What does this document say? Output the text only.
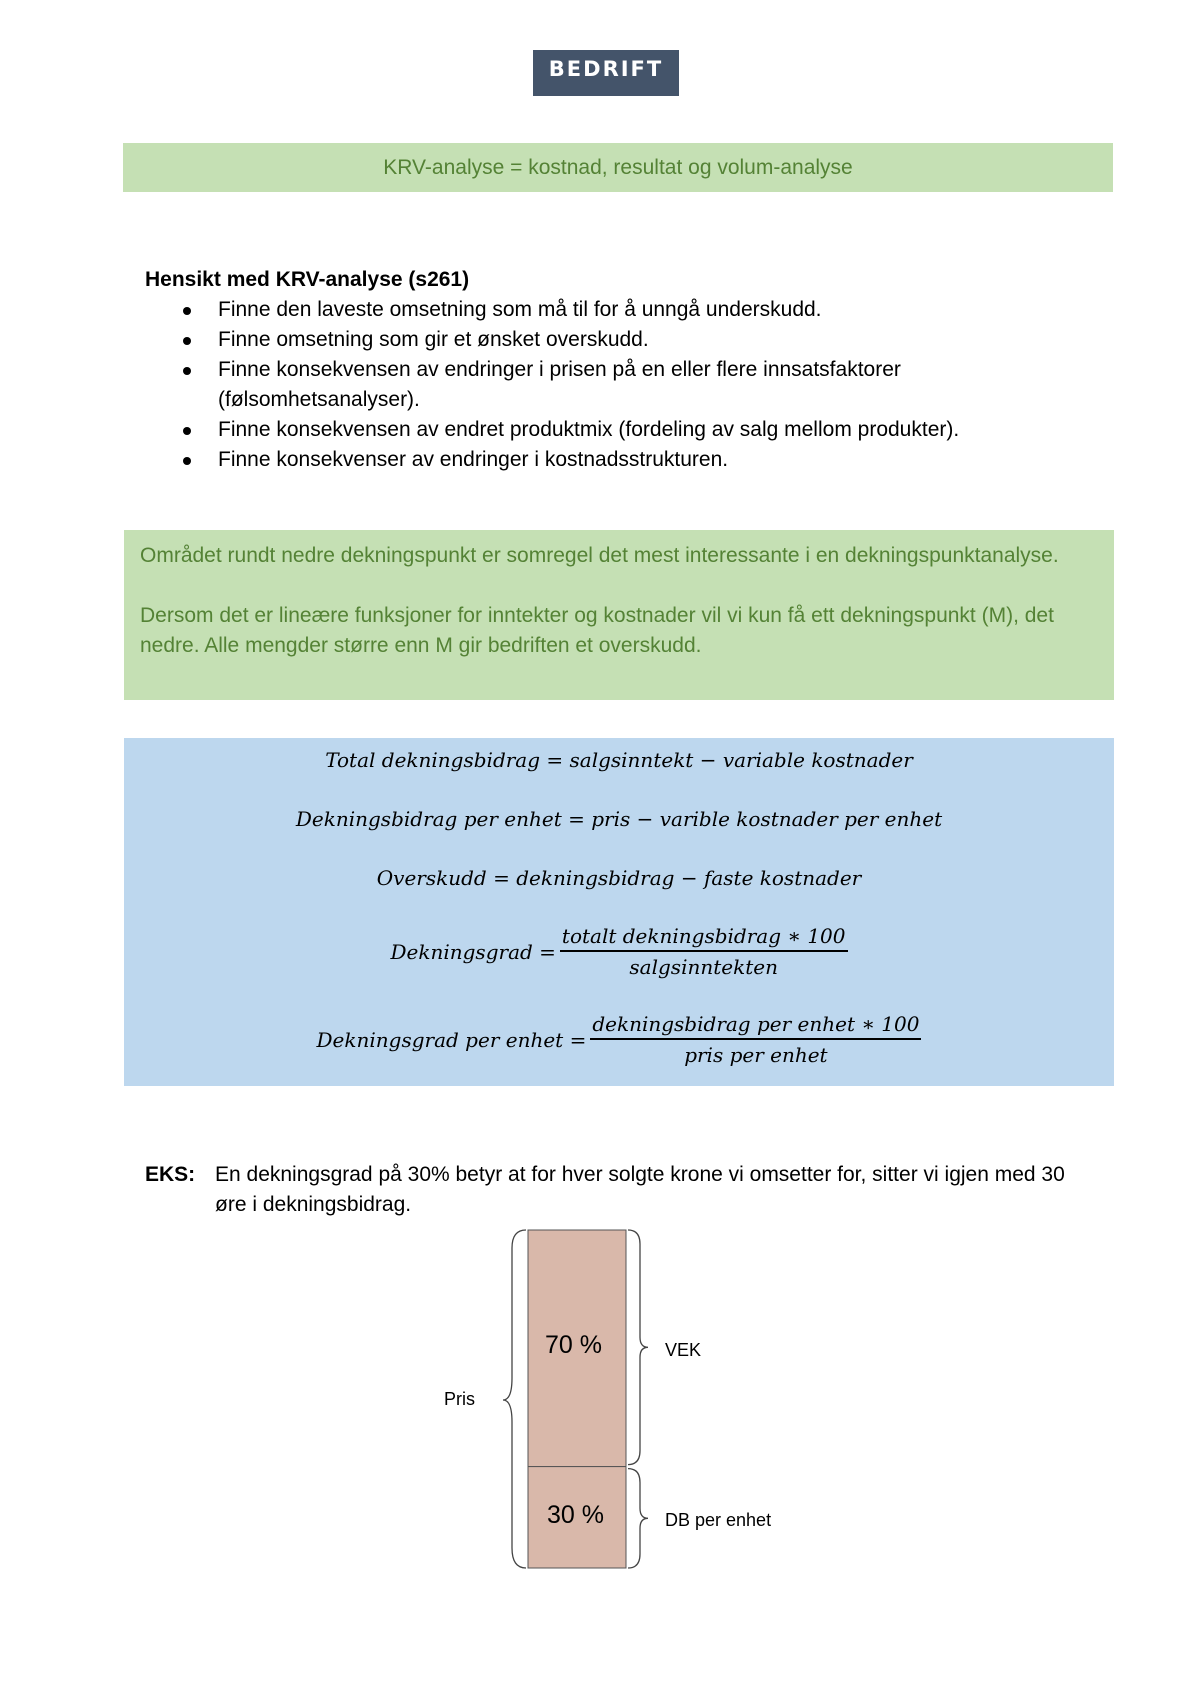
BEDRIFT
KRV-analyse = kostnad, resultat og volum-analyse
Hensikt med KRV-analyse (s261)
Finne den laveste omsetning som må til for å unngå underskudd.
Finne omsetning som gir et ønsket overskudd.
Finne konsekvensen av endringer i prisen på en eller flere innsatsfaktorer (følsomhetsanalyser).
Finne konsekvensen av endret produktmix (fordeling av salg mellom produkter).
Finne konsekvenser av endringer i kostnadsstrukturen.

Området rundt nedre dekningspunkt er somregel det mest interessante i en dekningspunktanalyse.

Dersom det er lineære funksjoner for inntekter og kostnader vil vi kun få ett dekningspunkt (M), det nedre. Alle mengder større enn M gir bedriften et overskudd.

Total dekningsbidrag = salgsinntekt − variable kostnader
Dekningsbidrag per enhet = pris − varible kostnader per enhet
Overskudd = dekningsbidrag − faste kostnader
Dekningsgrad = $\frac{\text{totalt dekningsbidrag ∗ 100}}{\text{salgsinntekten}}$
Dekningsgrad per enhet = $\frac{\text{dekningsbidrag per enhet ∗ 100}}{\text{pris per enhet}}$
EKS: En dekningsgrad på 30% betyr at for hver solgte krone vi omsetter for, sitter vi igjen med 30 øre i dekningsbidrag.
70 %
30 %
Pris
VEK
DB per enhet
